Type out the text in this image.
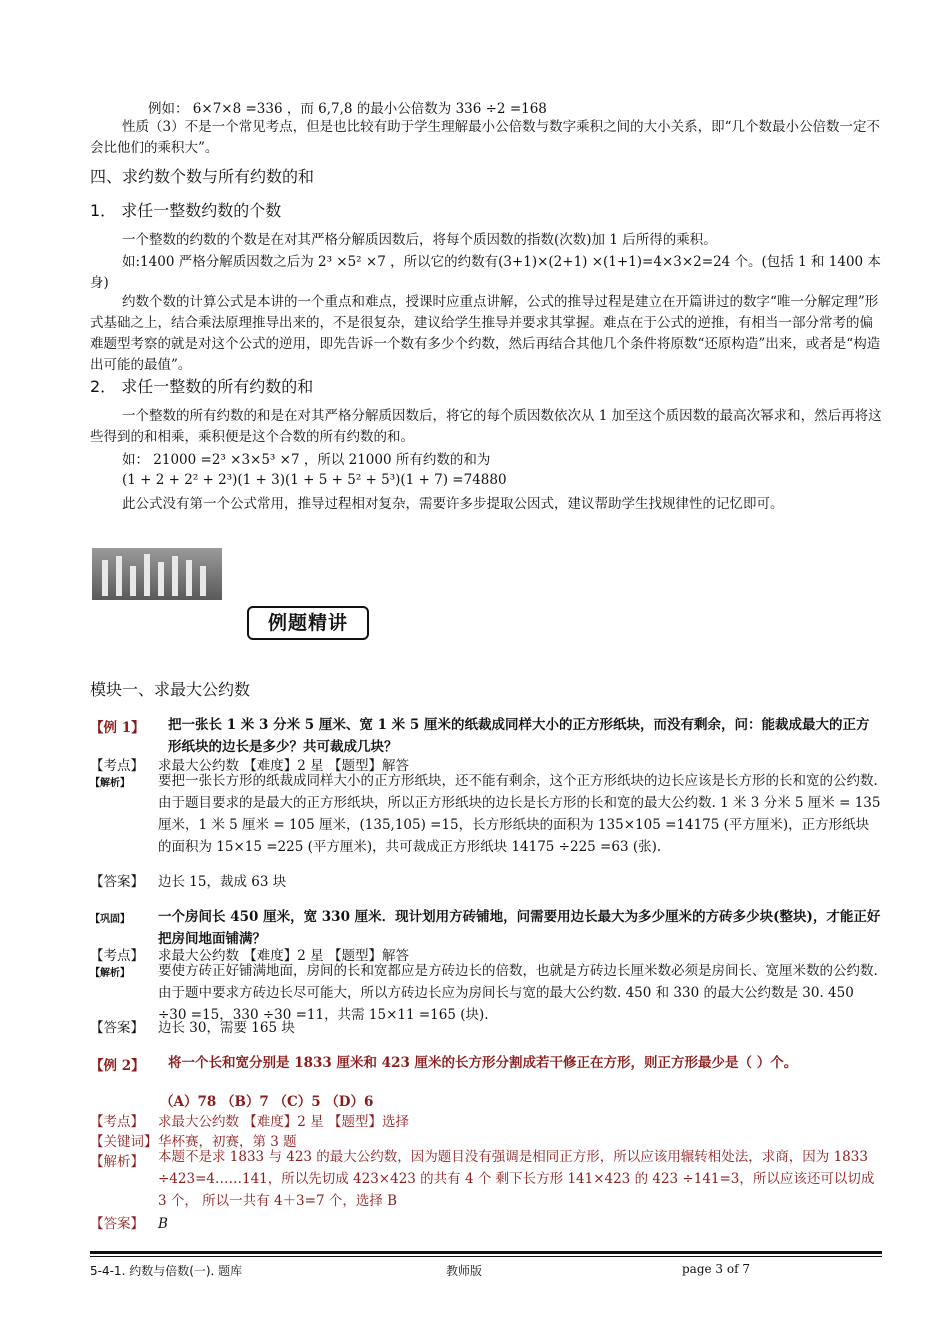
例如： 6×7×8 =336 ，而 6,7,8 的最小公倍数为 336 ÷2 =168
性质（3）不是一个常见考点，但是也比较有助于学生理解最小公倍数与数字乘积之间的大小关系，即“几个数最小公倍数一定不会比他们的乘积大”。
四、求约数个数与所有约数的和
1． 求任一整数约数的个数
一个整数的约数的个数是在对其严格分解质因数后，将每个质因数的指数(次数)加 1 后所得的乘积。
如:1400 严格分解质因数之后为 2³ ×5² ×7 ，所以它的约数有(3+1)×(2+1) ×(1+1)=4×3×2=24 个。(包括 1 和 1400 本身)
约数个数的计算公式是本讲的一个重点和难点，授课时应重点讲解，公式的推导过程是建立在开篇讲过的数字“唯一分解定理”形式基础之上，结合乘法原理推导出来的，不是很复杂，建议给学生推导并要求其掌握。难点在于公式的逆推，有相当一部分常考的偏难题型考察的就是对这个公式的逆用，即先告诉一个数有多少个约数，然后再结合其他几个条件将原数“还原构造”出来，或者是“构造出可能的最值”。
2． 求任一整数的所有约数的和
一个整数的所有约数的和是在对其严格分解质因数后，将它的每个质因数依次从 1 加至这个质因数的最高次幂求和，然后再将这些得到的和相乘，乘积便是这个合数的所有约数的和。
如： 21000 =2³ ×3×5³ ×7 ，所以 21000 所有约数的和为
(1 + 2 + 2² + 2³)(1 + 3)(1 + 5 + 5² + 5³)(1 + 7) =74880
此公式没有第一个公式常用，推导过程相对复杂，需要许多步提取公因式，建议帮助学生找规律性的记忆即可。
例题精讲
模块一、求最大公约数
【例 1】 把一张长 1 米 3 分米 5 厘米、宽 1 米 5 厘米的纸裁成同样大小的正方形纸块，而没有剩余，问：能裁成最大的正方形纸块的边长是多少？共可裁成几块？
【考点】 求最大公约数 【难度】2 星 【题型】解答
【解析】 要把一张长方形的纸裁成同样大小的正方形纸块，还不能有剩余，这个正方形纸块的边长应该是长方形的长和宽的公约数. 由于题目要求的是最大的正方形纸块，所以正方形纸块的边长是长方形的长和宽的最大公约数. 1 米 3 分米 5 厘米 = 135 厘米，1 米 5 厘米 = 105 厘米，(135,105) =15，长方形纸块的面积为 135×105 =14175 (平方厘米)，正方形纸块的面积为 15×15 =225 (平方厘米)，共可裁成正方形纸块 14175 ÷225 =63 (张).
【答案】 边长 15，裁成 63 块
【巩固】 一个房间长 450 厘米，宽 330 厘米．现计划用方砖铺地，问需要用边长最大为多少厘米的方砖多少块(整块)，才能正好把房间地面铺满？
【考点】 求最大公约数 【难度】2 星 【题型】解答
【解析】 要使方砖正好铺满地面，房间的长和宽都应是方砖边长的倍数，也就是方砖边长厘米数必须是房间长、宽厘米数的公约数. 由于题中要求方砖边长尽可能大，所以方砖边长应为房间长与宽的最大公约数. 450 和 330 的最大公约数是 30. 450 ÷30 =15，330 ÷30 =11，共需 15×11 =165 (块).
【答案】 边长 30，需要 165 块
【例 2】 将一个长和宽分别是 1833 厘米和 423 厘米的长方形分割成若干修正在方形，则正方形最少是（ ）个。
（A）78 （B）7 （C）5 （D）6
【考点】 求最大公约数 【难度】2 星 【题型】选择
【关键词】华杯赛，初赛，第 3 题
【解析】 本题不是求 1833 与 423 的最大公约数，因为题目没有强调是相同正方形，所以应该用辗转相处法，求商，因为 1833 ÷423=4……141，所以先切成 423×423 的共有 4 个 剩下长方形 141×423 的 423 ÷141=3，所以应该还可以切成 3 个， 所以一共有 4＋3=7 个，选择 B
【答案】 B
5-4-1. 约数与倍数(一). 题库	教师版	page 3 of 7
